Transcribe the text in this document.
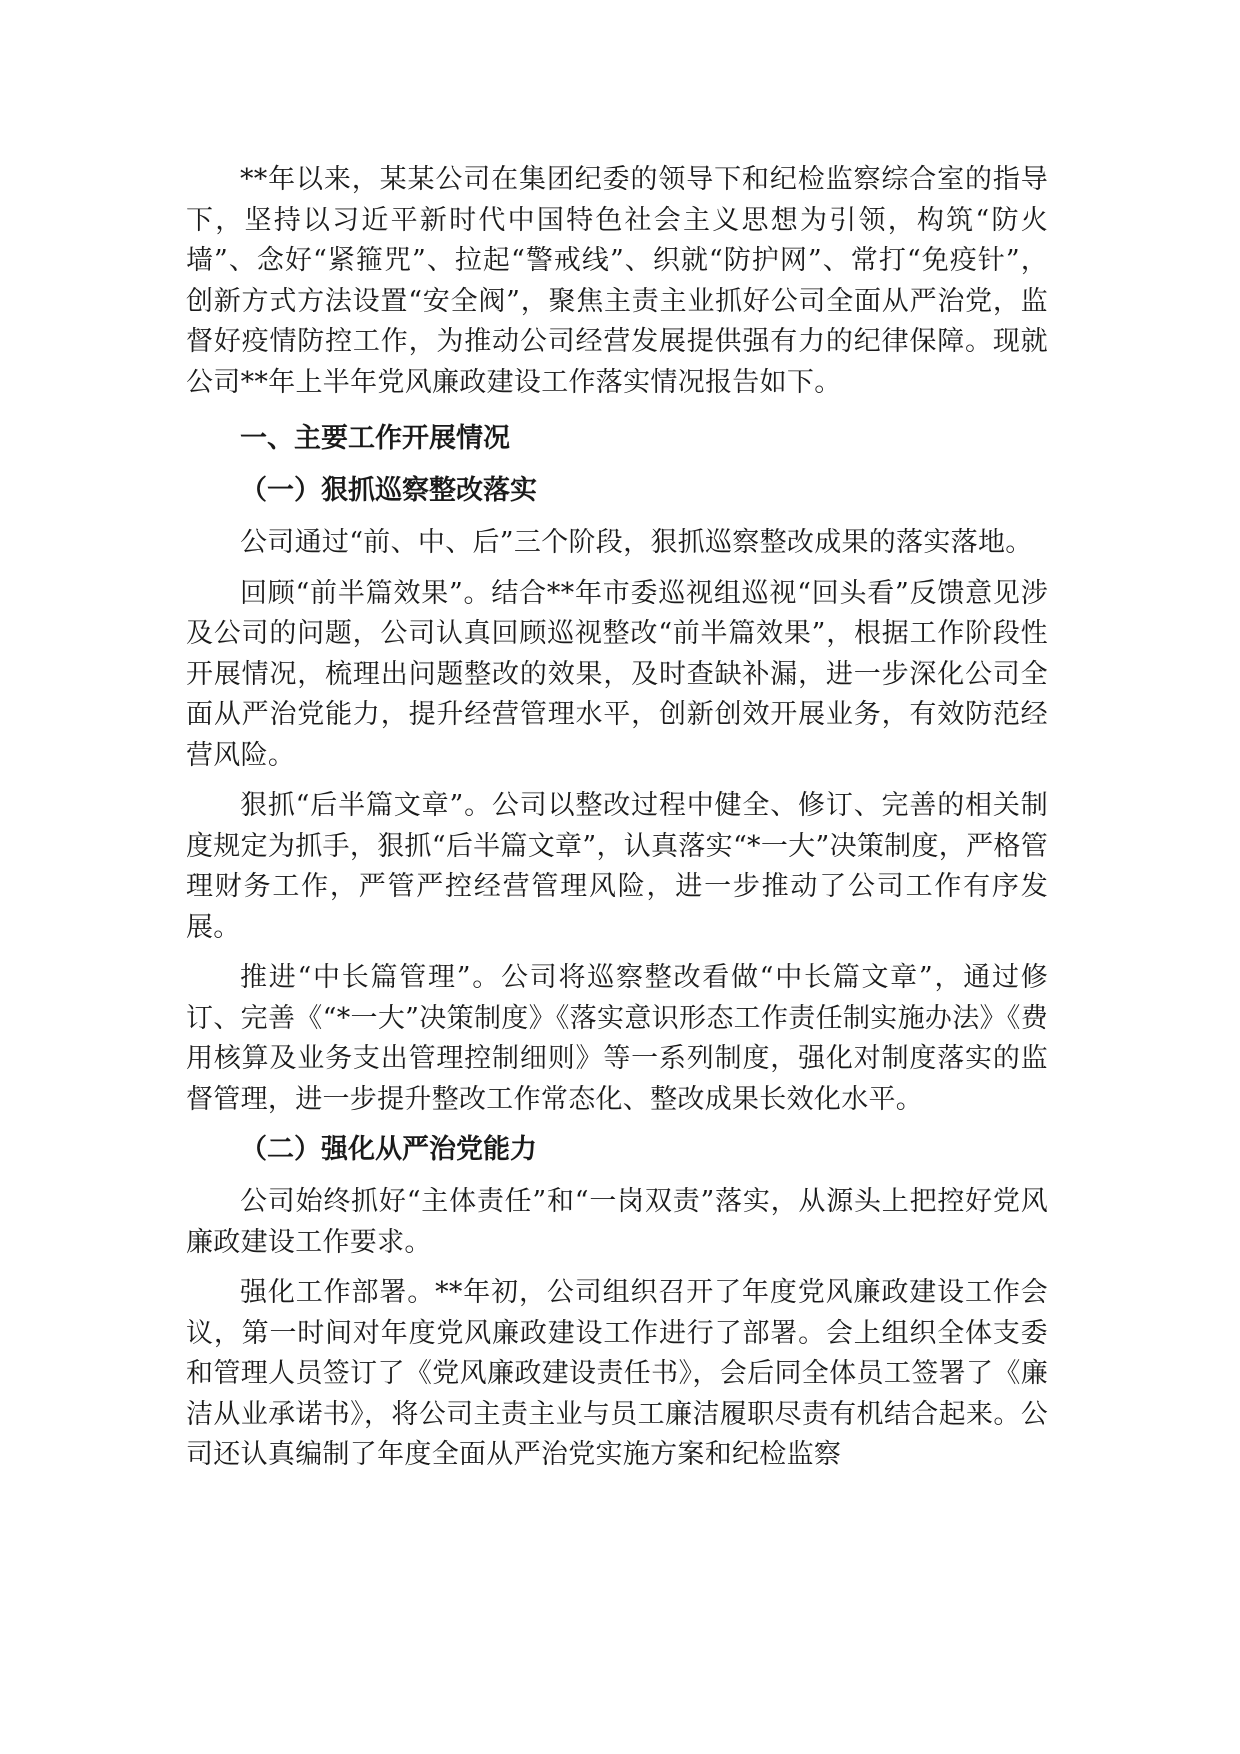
**年以来，某某公司在集团纪委的领导下和纪检监察综合室的指导下，坚持以习近平新时代中国特色社会主义思想为引领，构筑“防火墙”、念好“紧箍咒”、拉起“警戒线”、织就“防护网”、常打“免疫针”，创新方式方法设置“安全阀”，聚焦主责主业抓好公司全面从严治党，监督好疫情防控工作，为推动公司经营发展提供强有力的纪律保障。现就公司**年上半年党风廉政建设工作落实情况报告如下。

一、主要工作开展情况
（一）狠抓巡察整改落实

公司通过“前、中、后”三个阶段，狠抓巡察整改成果的落实落地。

回顾“前半篇效果”。结合**年市委巡视组巡视“回头看”反馈意见涉及公司的问题，公司认真回顾巡视整改“前半篇效果”，根据工作阶段性开展情况，梳理出问题整改的效果，及时查缺补漏，进一步深化公司全面从严治党能力，提升经营管理水平，创新创效开展业务，有效防范经营风险。

狠抓“后半篇文章”。公司以整改过程中健全、修订、完善的相关制度规定为抓手，狠抓“后半篇文章”，认真落实“*一大”决策制度，严格管理财务工作，严管严控经营管理风险，进一步推动了公司工作有序发展。

推进“中长篇管理”。公司将巡察整改看做“中长篇文章”，通过修订、完善《“*一大”决策制度》《落实意识形态工作责任制实施办法》《费用核算及业务支出管理控制细则》等一系列制度，强化对制度落实的监督管理，进一步提升整改工作常态化、整改成果长效化水平。

（二）强化从严治党能力

公司始终抓好“主体责任”和“一岗双责”落实，从源头上把控好党风廉政建设工作要求。

强化工作部署。**年初，公司组织召开了年度党风廉政建设工作会议，第一时间对年度党风廉政建设工作进行了部署。会上组织全体支委和管理人员签订了《党风廉政建设责任书》，会后同全体员工签署了《廉洁从业承诺书》，将公司主责主业与员工廉洁履职尽责有机结合起来。公司还认真编制了年度全面从严治党实施方案和纪检监察
